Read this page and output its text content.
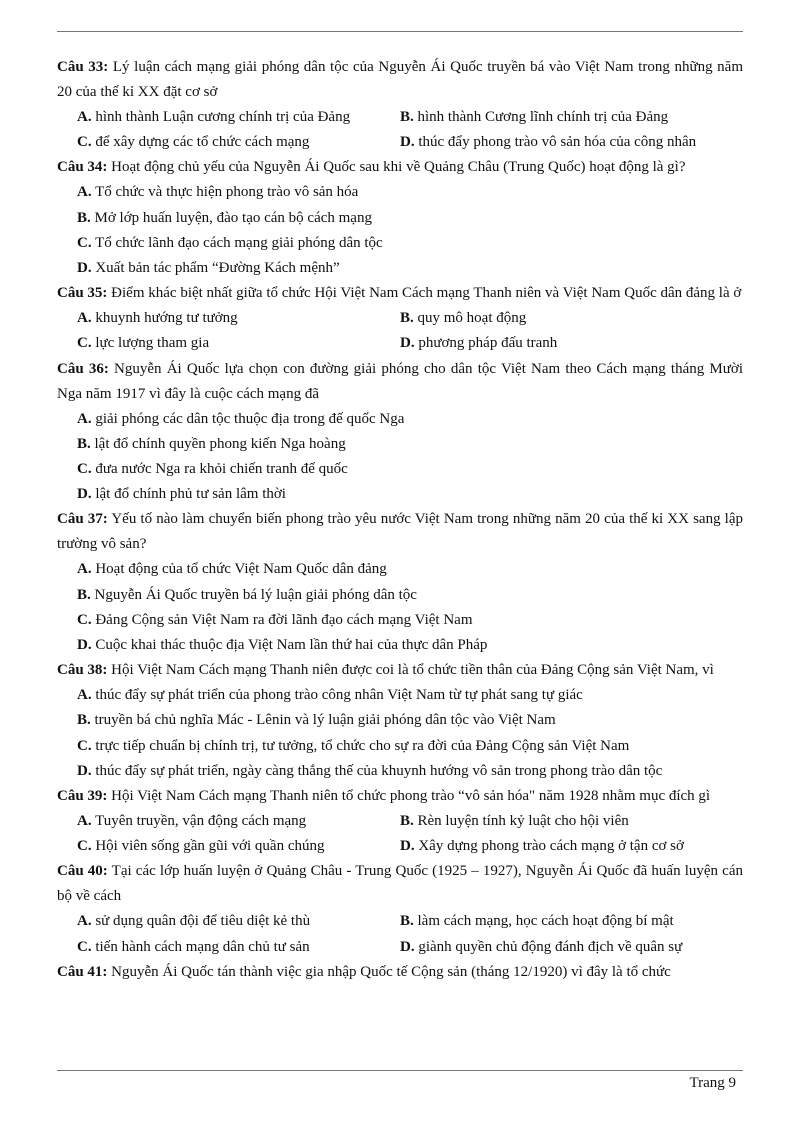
Câu 33: Lý luận cách mạng giải phóng dân tộc của Nguyễn Ái Quốc truyền bá vào Việt Nam trong những năm 20 của thế kỉ XX đặt cơ sở

A. hình thành Luận cương chính trị của Đảng	B. hình thành Cương lĩnh chính trị của Đảng
C. để xây dựng các tổ chức cách mạng	D. thúc đẩy phong trào vô sản hóa của công nhân

Câu 34: Hoạt động chủ yếu của Nguyễn Ái Quốc sau khi về Quảng Châu (Trung Quốc) hoạt động là gì?

A. Tổ chức và thực hiện phong trào vô sản hóa
B. Mở lớp huấn luyện, đào tạo cán bộ cách mạng
C. Tổ chức lãnh đạo cách mạng giải phóng dân tộc
D. Xuất bản tác phẩm “Đường Kách mệnh”

Câu 35: Điểm khác biệt nhất giữa tổ chức Hội Việt Nam Cách mạng Thanh niên và Việt Nam Quốc dân đảng là ở

A. khuynh hướng tư tưởng	B. quy mô hoạt động
C. lực lượng tham gia	D. phương pháp đấu tranh

Câu 36: Nguyễn Ái Quốc lựa chọn con đường giải phóng cho dân tộc Việt Nam theo Cách mạng tháng Mười Nga năm 1917 vì đây là cuộc cách mạng đã

A. giải phóng các dân tộc thuộc địa trong đế quốc Nga
B. lật đổ chính quyền phong kiến Nga hoàng
C. đưa nước Nga ra khỏi chiến tranh đế quốc
D. lật đổ chính phủ tư sản lâm thời

Câu 37: Yếu tố nào làm chuyển biến phong trào yêu nước Việt Nam trong những năm 20 của thế kỉ XX sang lập trường vô sản?

A. Hoạt động của tổ chức Việt Nam Quốc dân đảng
B. Nguyễn Ái Quốc truyền bá lý luận giải phóng dân tộc
C. Đảng Cộng sản Việt Nam ra đời lãnh đạo cách mạng Việt Nam
D. Cuộc khai thác thuộc địa Việt Nam lần thứ hai của thực dân Pháp

Câu 38: Hội Việt Nam Cách mạng Thanh niên được coi là tổ chức tiền thân của Đảng Cộng sản Việt Nam, vì

A. thúc đẩy sự phát triển của phong trào công nhân Việt Nam từ tự phát sang tự giác
B. truyền bá chủ nghĩa Mác - Lênin và lý luận giải phóng dân tộc vào Việt Nam
C. trực tiếp chuẩn bị chính trị, tư tưởng, tổ chức cho sự ra đời của Đảng Cộng sản Việt Nam
D. thúc đẩy sự phát triển, ngày càng thắng thế của khuynh hướng vô sản trong phong trào dân tộc

Câu 39: Hội Việt Nam Cách mạng Thanh niên tổ chức phong trào “vô sản hóa" năm 1928 nhằm mục đích gì

A. Tuyên truyền, vận động cách mạng	B. Rèn luyện tính kỷ luật cho hội viên
C. Hội viên sống gần gũi với quần chúng	D. Xây dựng phong trào cách mạng ở tận cơ sở

Câu 40: Tại các lớp huấn luyện ở Quảng Châu - Trung Quốc (1925 – 1927), Nguyễn Ái Quốc đã huấn luyện cán bộ về cách

A. sử dụng quân đội để tiêu diệt kẻ thù	B. làm cách mạng, học cách hoạt động bí mật
C. tiến hành cách mạng dân chủ tư sản	D. giành quyền chủ động đánh địch về quân sự

Câu 41: Nguyễn Ái Quốc tán thành việc gia nhập Quốc tế Cộng sản (tháng 12/1920) vì đây là tổ chức

Trang 9
